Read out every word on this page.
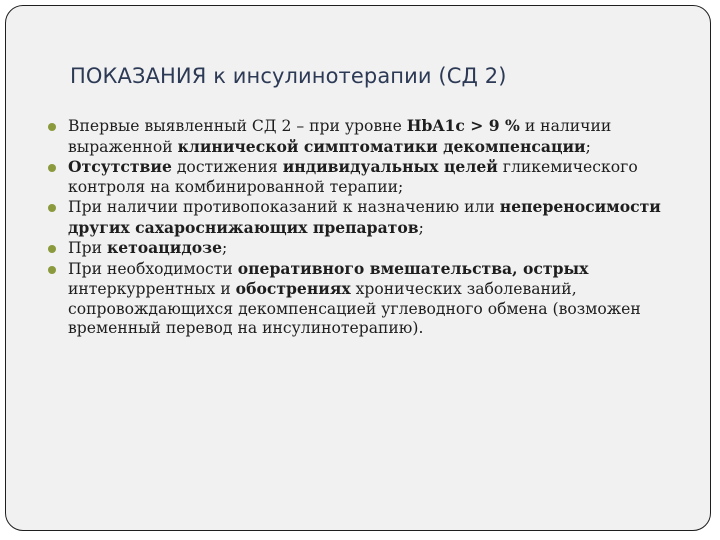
ПОКАЗАНИЯ к инсулинотерапии (СД 2)
Впервые выявленный СД 2 – при уровне HbA1c > 9 % и наличии выраженной клинической симптоматики декомпенсации;
Отсутствие достижения индивидуальных целей гликемического контроля на комбинированной терапии;
При наличии противопоказаний к назначению или непереносимости других сахароснижающих препаратов;
При кетоацидозе;
При необходимости оперативного вмешательства, острых интеркуррентных и обострениях хронических заболеваний, сопровождающихся декомпенсацией углеводного обмена (возможен временный перевод на инсулинотерапию).
